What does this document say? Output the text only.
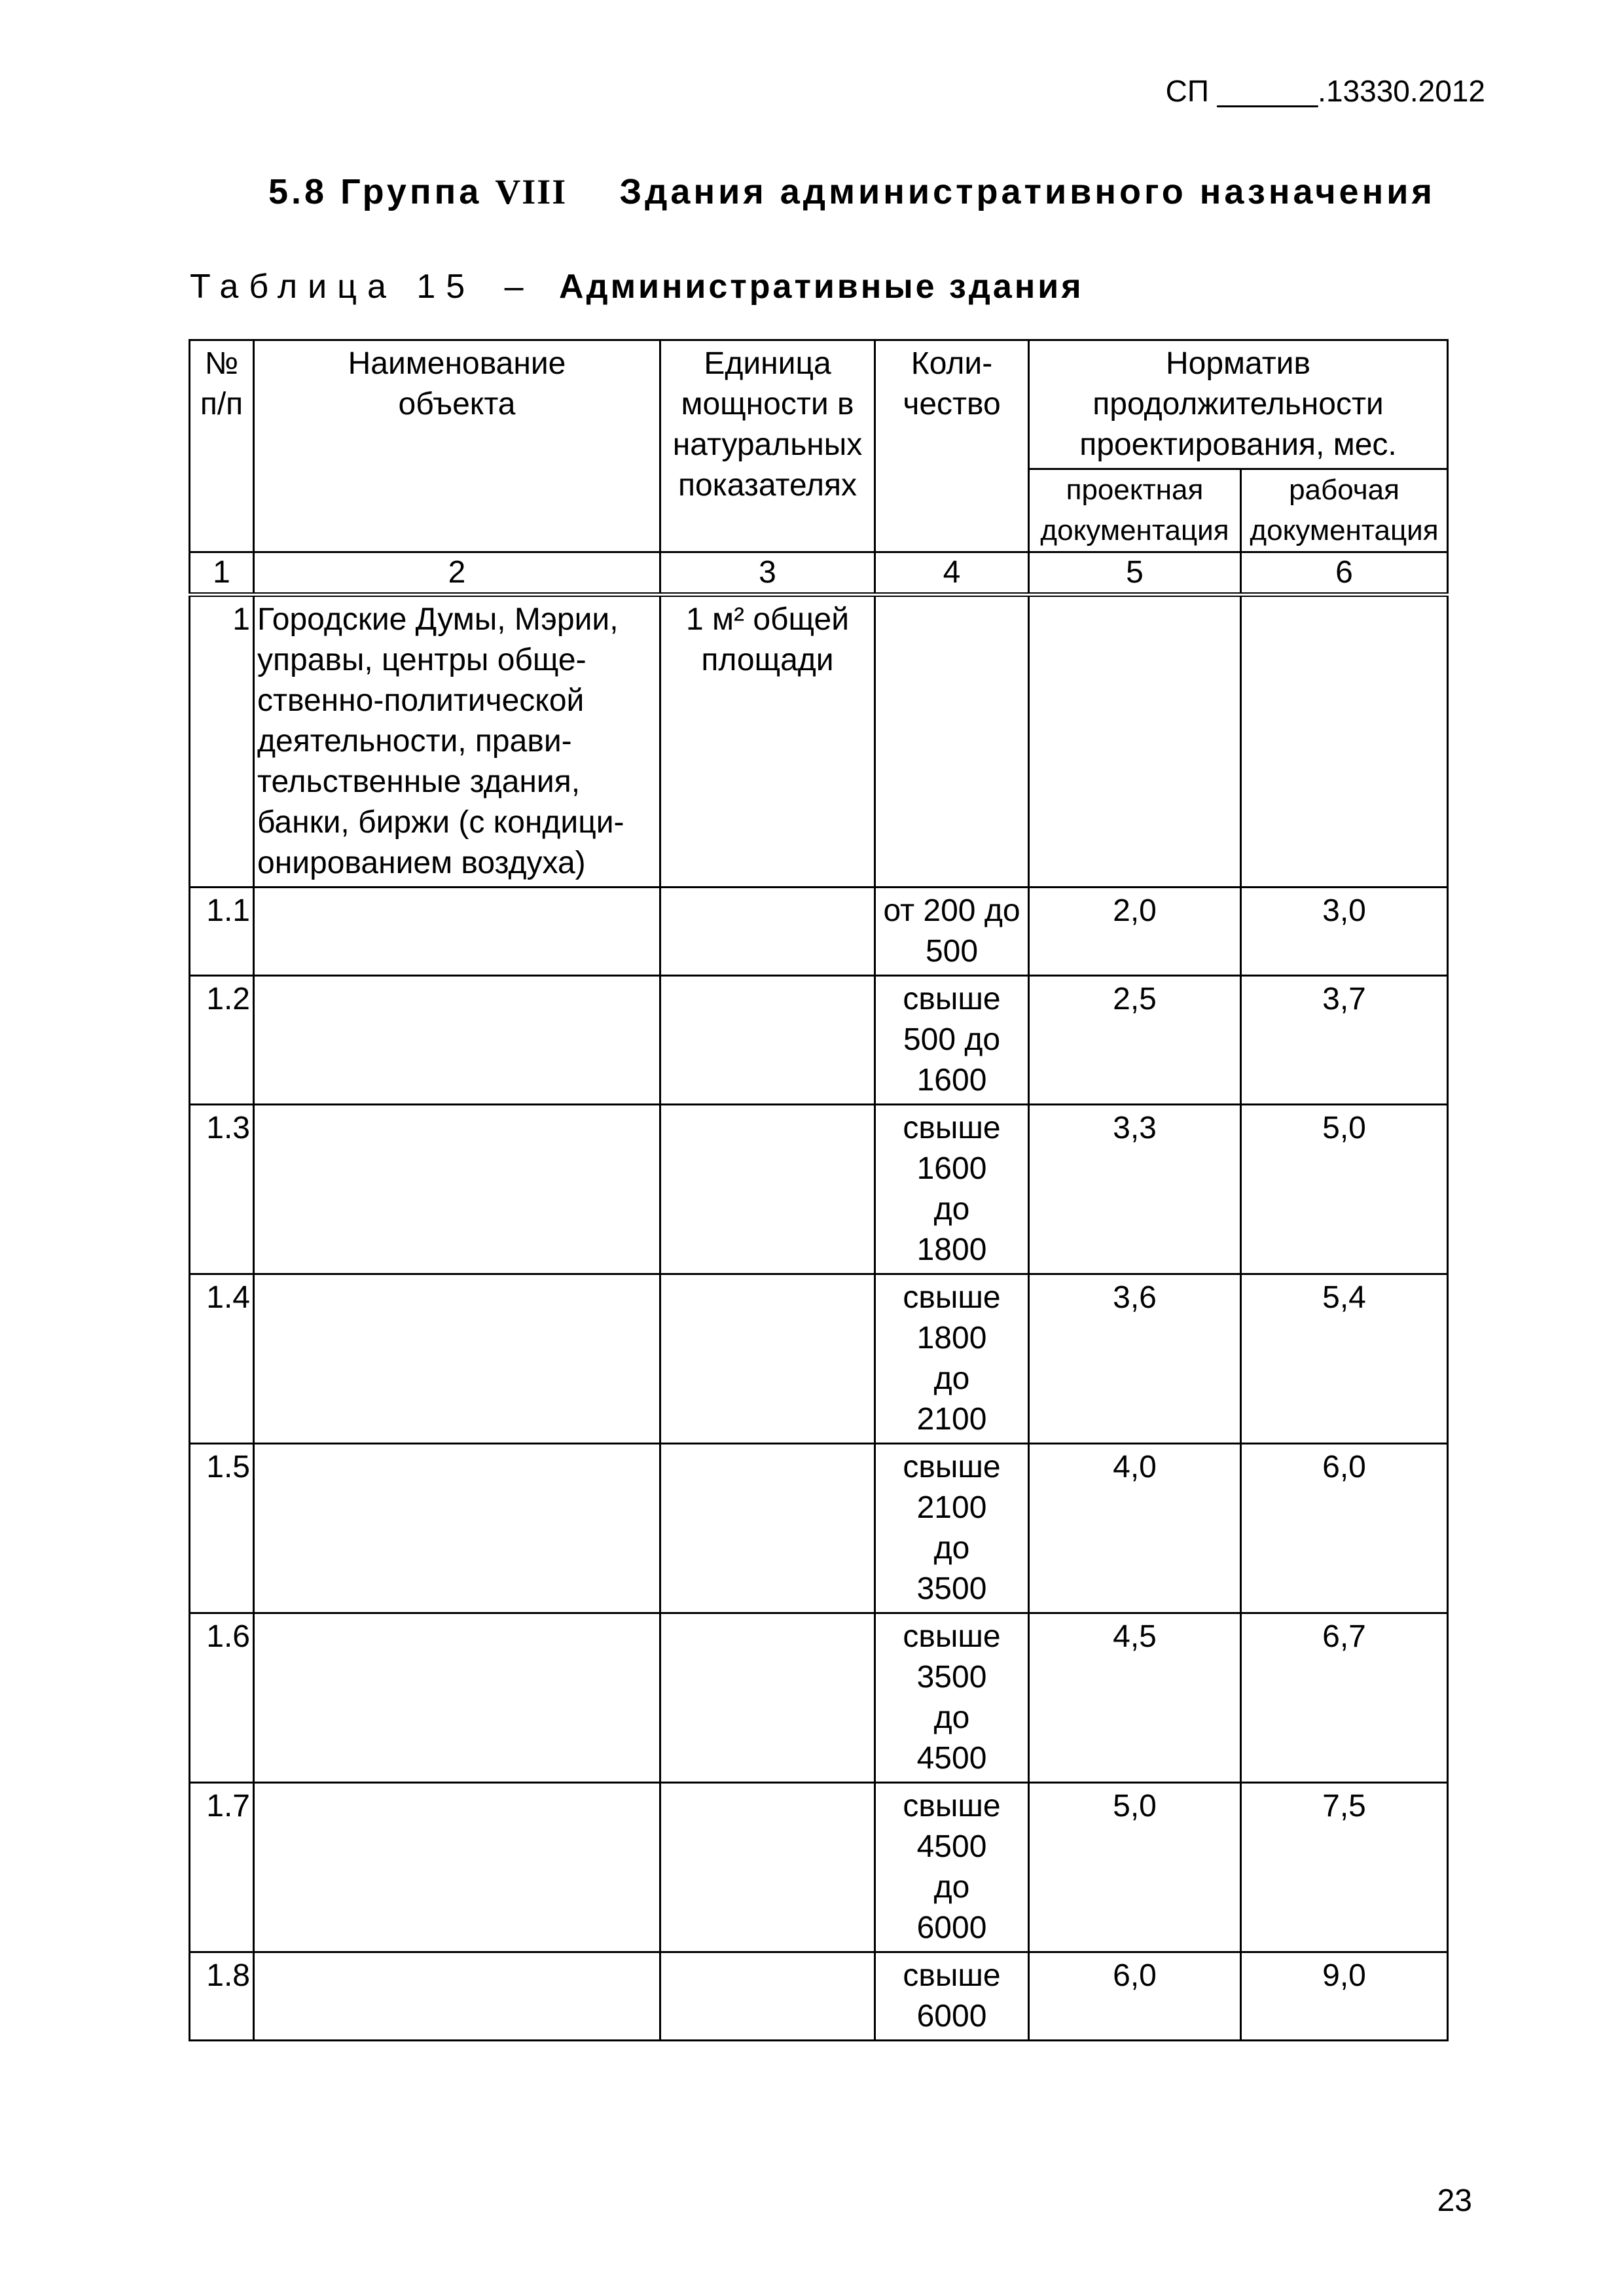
СП ______.13330.2012
5.8 Группа VIII Здания административного назначения
Таблица 15 – Административные здания
№ п/п	Наименование объекта	Единица мощности в натуральных показателях	Коли-чество	Норматив продолжительности проектирования, мес.	
				проектная документация	рабочая документация
1	2	3	4	5	6
1	Городские Думы, Мэрии, управы, центры обще-ственно-политической деятельности, прави-тельственные здания, банки, биржи (с кондици-онированием воздуха)	1 м² общей площади			
1.1			от 200 до 500	2,0	3,0
1.2			свыше 500 до 1600	2,5	3,7
1.3			свыше 1600 до 1800	3,3	5,0
1.4			свыше 1800 до 2100	3,6	5,4
1.5			свыше 2100 до 3500	4,0	6,0
1.6			свыше 3500 до 4500	4,5	6,7
1.7			свыше 4500 до 6000	5,0	7,5
1.8			свыше 6000	6,0	9,0
23
